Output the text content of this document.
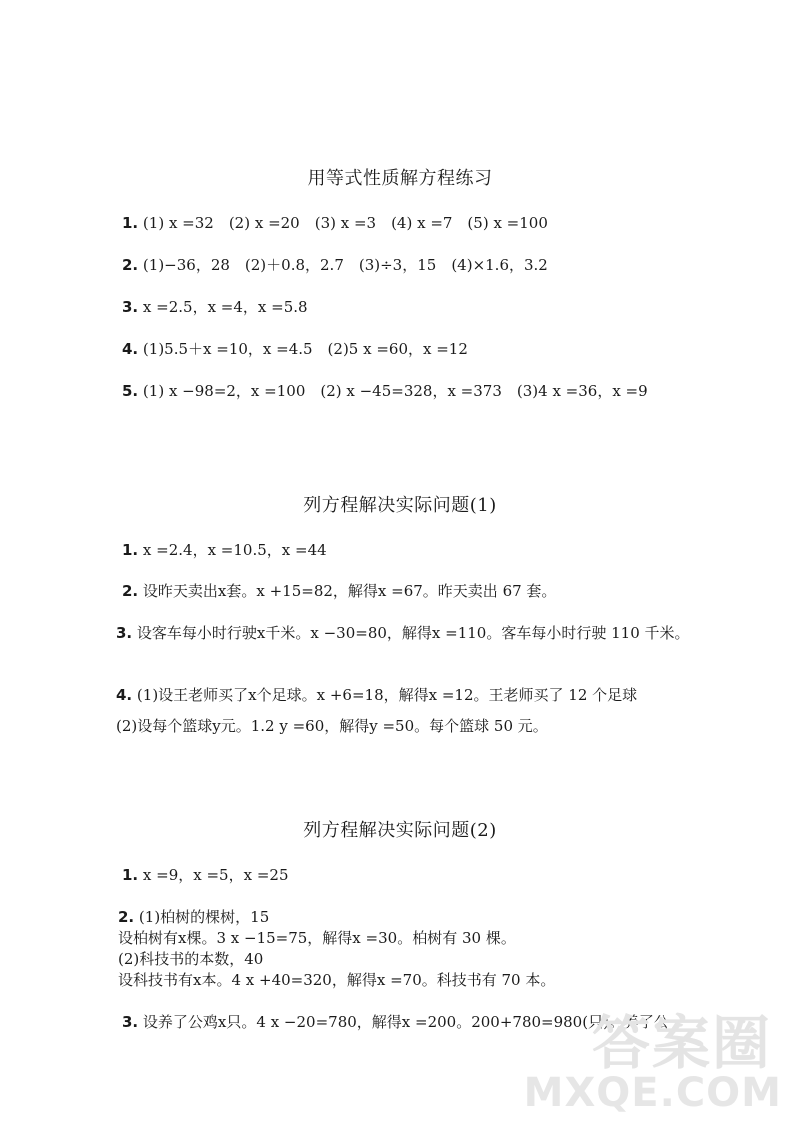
用等式性质解方程练习
1. (1) x =32　(2) x =20　(3) x =3　(4) x =7　(5) x =100
2. (1)−36，28　(2)＋0.8，2.7　(3)÷3，15　(4)×1.6，3.2
3. x =2.5，x =4，x =5.8
4. (1)5.5＋x =10，x =4.5　(2)5 x =60，x =12
5. (1) x −98=2，x =100　(2) x −45=328，x =373　(3)4 x =36，x =9
列方程解决实际问题(1)
1. x =2.4，x =10.5，x =44
2. 设昨天卖出x套。x +15=82，解得x =67。昨天卖出 67 套。
3. 设客车每小时行驶x千米。x −30=80，解得x =110。客车每小时行驶 110 千米。
4. (1)设王老师买了x个足球。x +6=18，解得x =12。王老师买了 12 个足球
(2)设每个篮球y元。1.2 y =60，解得y =50。每个篮球 50 元。
列方程解决实际问题(2)
1. x =9，x =5，x =25
2. (1)柏树的棵树，15
设柏树有x棵。3 x −15=75，解得x =30。柏树有 30 棵。
(2)科技书的本数，40
设科技书有x本。4 x +40=320，解得x =70。科技书有 70 本。
3. 设养了公鸡x只。4 x −20=780，解得x =200。200+780=980(只)。养了公
答案圈
MXQE.COM
